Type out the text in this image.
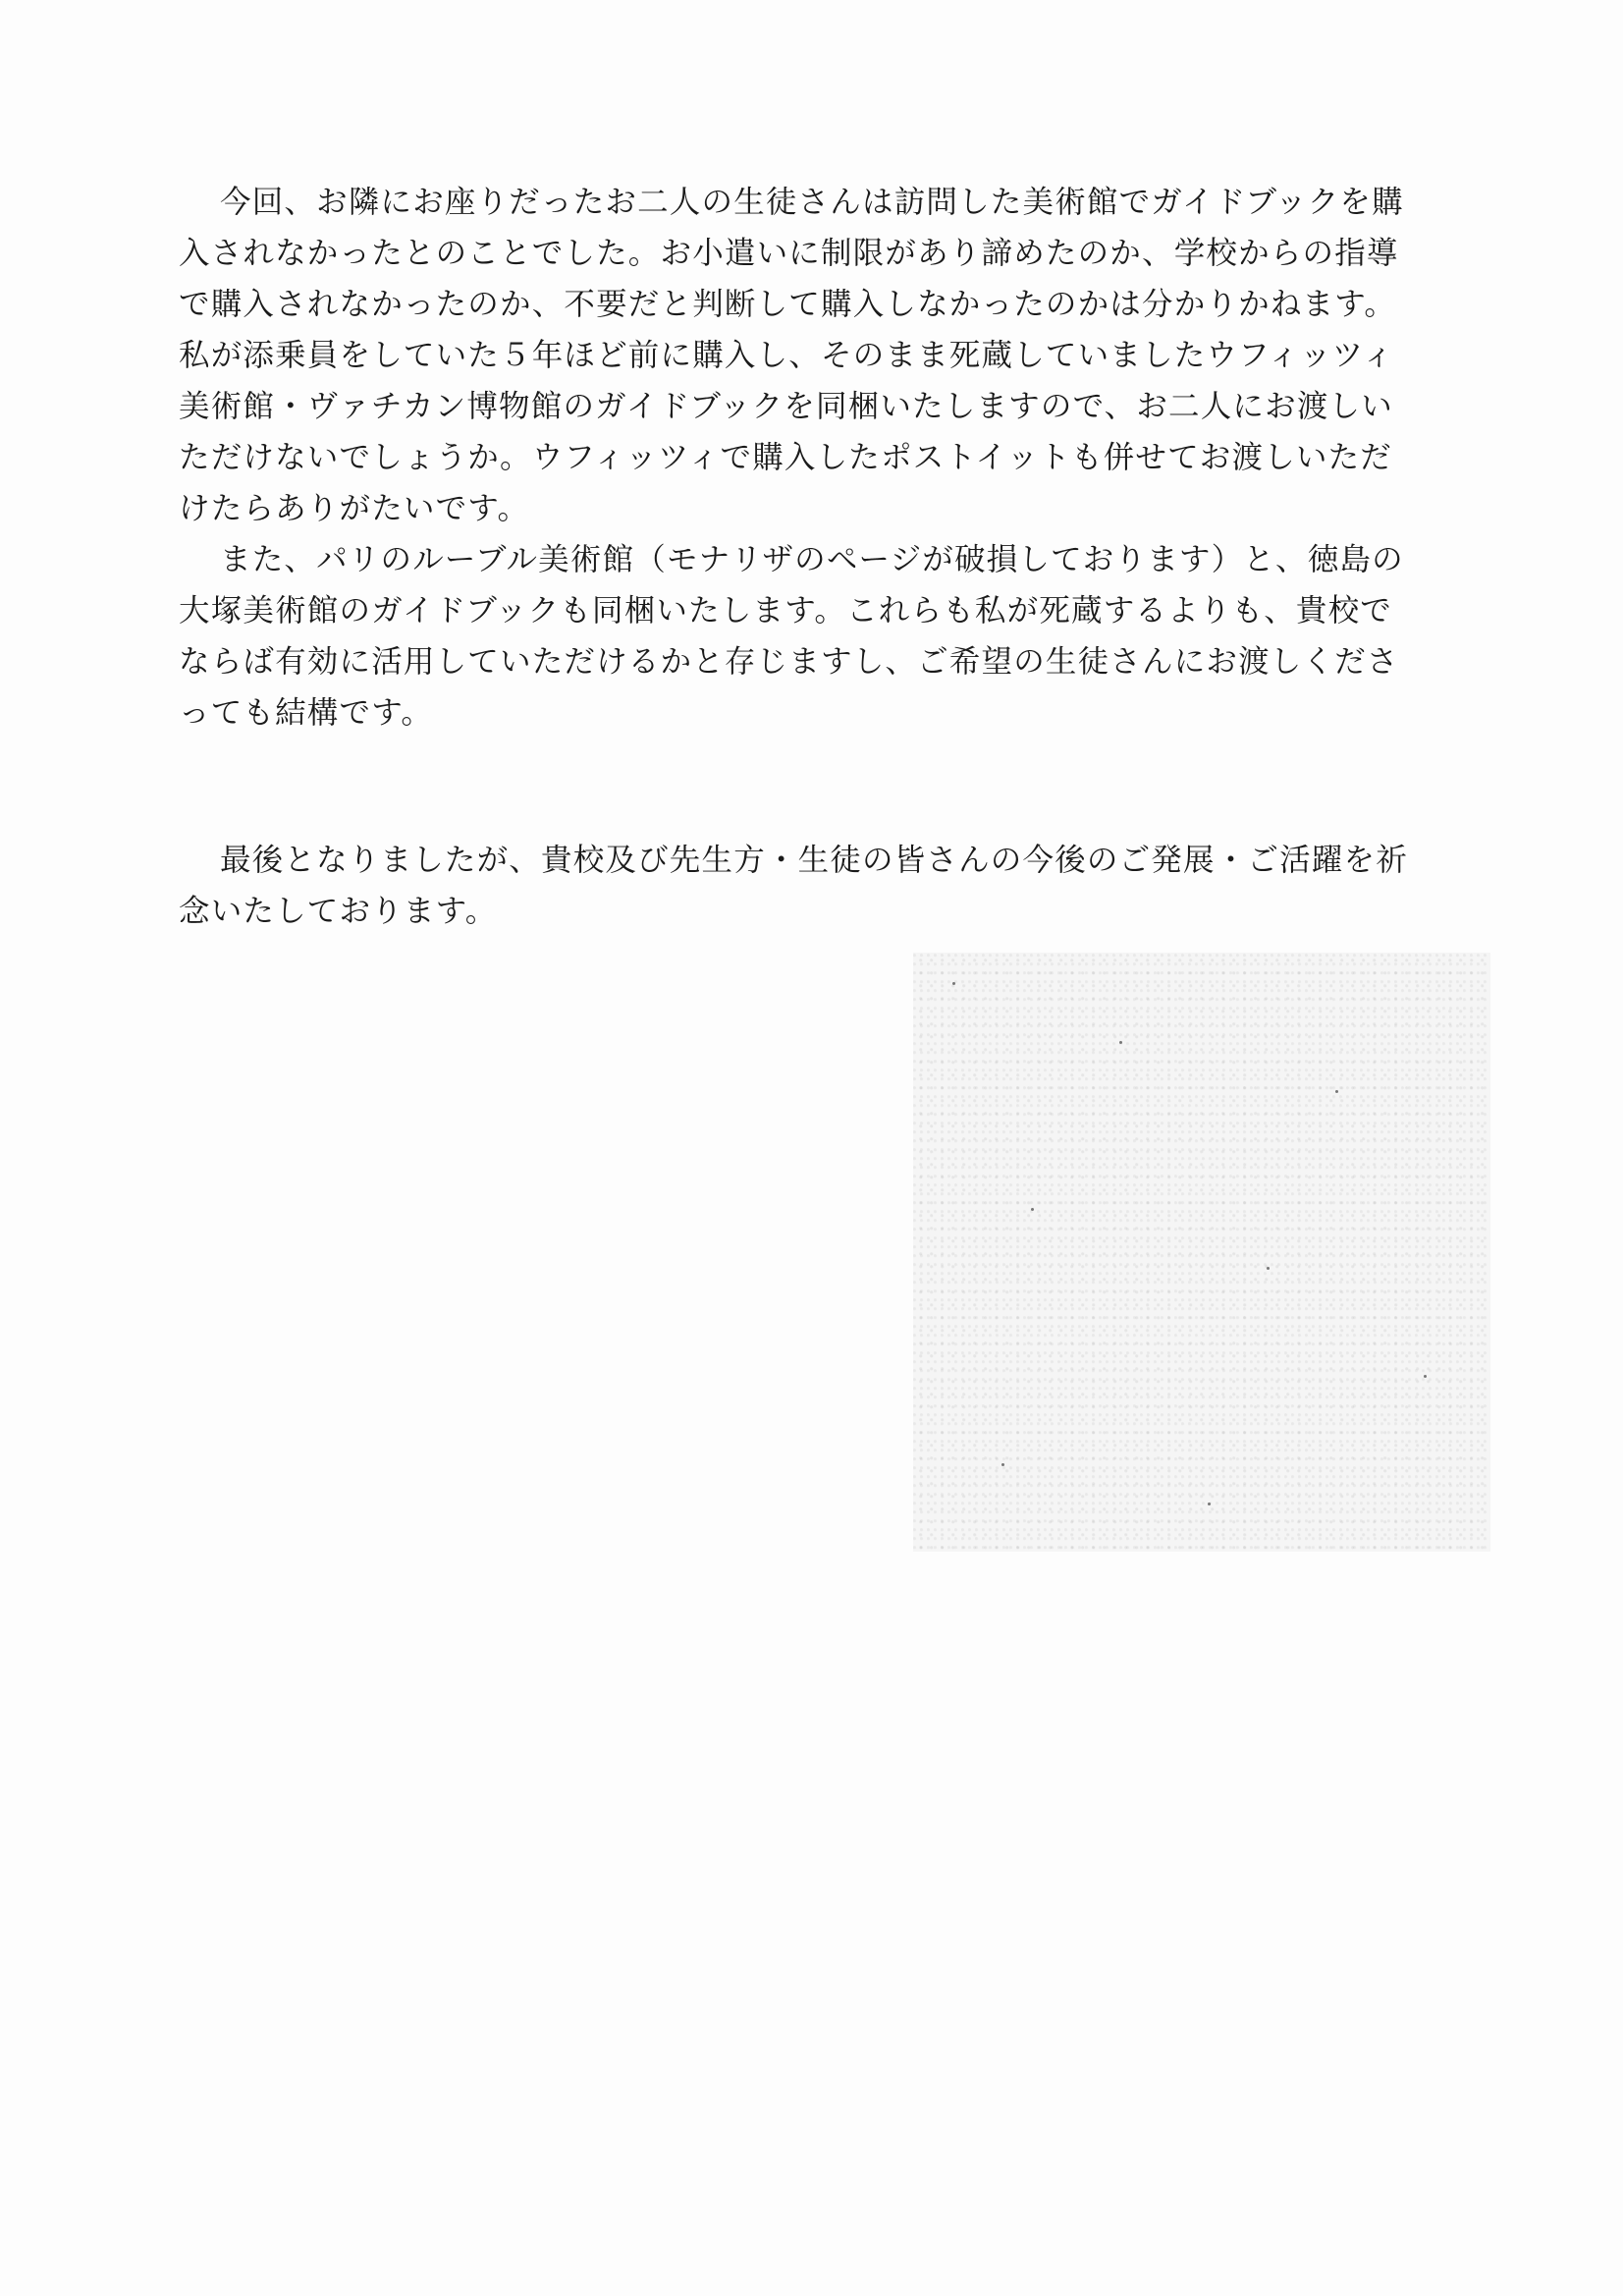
今回、お隣にお座りだったお二人の生徒さんは訪問した美術館でガイドブックを購
入されなかったとのことでした。お小遣いに制限があり諦めたのか、学校からの指導
で購入されなかったのか、不要だと判断して購入しなかったのかは分かりかねます。
私が添乗員をしていた５年ほど前に購入し、そのまま死蔵していましたウフィッツィ
美術館・ヴァチカン博物館のガイドブックを同梱いたしますので、お二人にお渡しい
ただけないでしょうか。ウフィッツィで購入したポストイットも併せてお渡しいただ
けたらありがたいです。
また、パリのルーブル美術館（モナリザのページが破損しております）と、徳島の
大塚美術館のガイドブックも同梱いたします。これらも私が死蔵するよりも、貴校で
ならば有効に活用していただけるかと存じますし、ご希望の生徒さんにお渡しくださ
っても結構です。
最後となりましたが、貴校及び先生方・生徒の皆さんの今後のご発展・ご活躍を祈
念いたしております。
